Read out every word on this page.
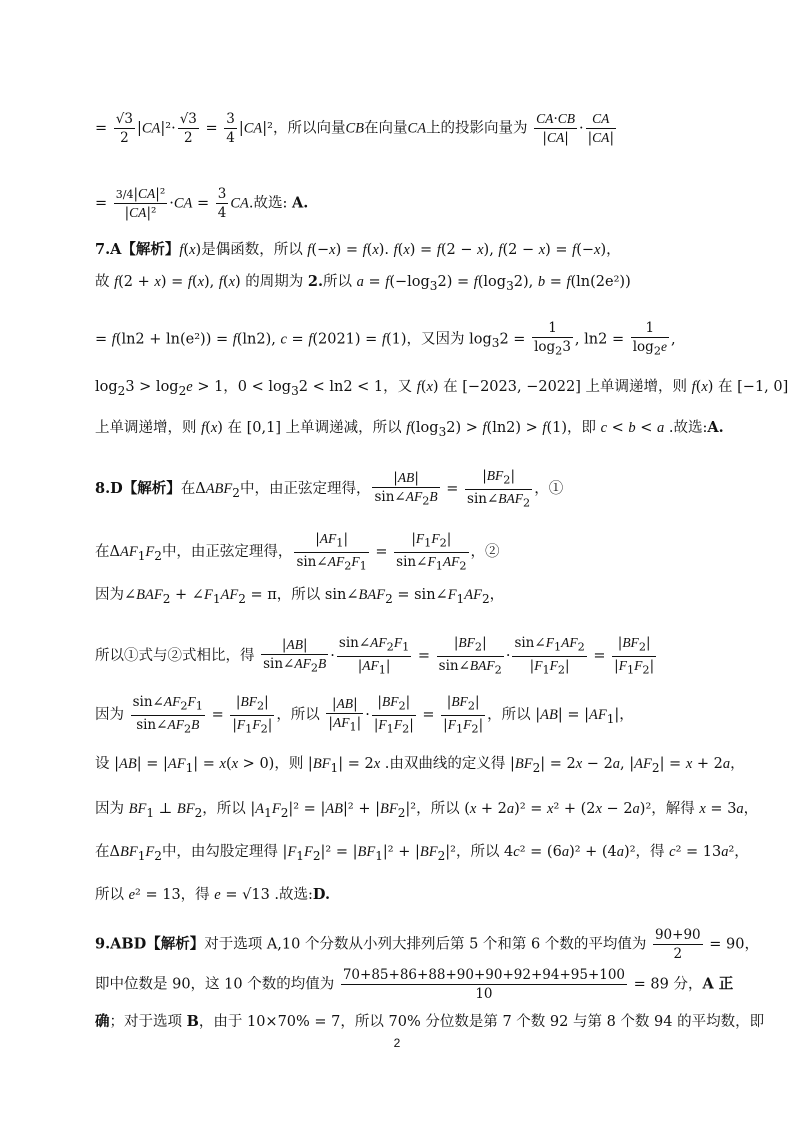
= $\frac{√3}{2} |CA|^2\cdot \frac{√3}{2} = \frac{3}{4} |CA|^2$，所以向量CB在向量CA上的投影向量为 $\frac{CA\cdot CB}{|CA|} \cdot \frac{CA}{|CA|}$
= $\frac{\text{3/4|CA|²}}{\text{|CA|²}} \cdot CA = \frac{3}{4}$ CA.故选: A.
7.A【解析】f(x)是偶函数，所以 f(−x) = f(x). f(x) = f(2 − x), f(2 − x) = f(−x)，
故 f(2 + x) = f(x), f(x) 的周期为 2.所以 $a = f(-\log_32) = f(\log_32)$, b = f(ln(2e²))
= f(ln2 + ln(e²)) = f(ln2), c = f(2021) = f(1)，又因为 $\log_32 = \frac{1}{\log_23}$ , $\ln 2 = \frac{1}{\log_2e}$ ,
$\log_23 > \log_2e > 1$，$0 < \log_32 < \ln 2 < 1$，又 f(x) 在 [−2023, −2022] 上单调递增，则 f(x) 在 [−1, 0]
上单调递增，则 f(x) 在 [0,1] 上单调递减，所以 $f(\log_32) > f(\ln 2) > f(1)$，即 c < b < a .故选:A.
8.D【解析】在$\Delta ABF_2$中，由正弦定理得， $\frac{|AB|}{\sin\angle AF_2B} = \frac{|BF_2|}{\sin\angle BAF_2}$ ，①
在$\Delta AF_1F_2$中，由正弦定理得， $\frac{|AF_1|}{\sin\angle AF_2F_1} = \frac{|F_1F_2|}{\sin\angle F_1AF_2}$ ，②
因为$\angle BAF_2$ + $\angle F_1AF_2 = \pi$，所以 $\sin\angle BAF_2$ = $\sin\angle F_1AF_2$，
所以①式与②式相比，得 $\frac{|AB|}{\sin\angle AF_2B} \cdot \frac{\sin\angle AF_2F_1}{|AF_1|} = \frac{|BF_2|}{\sin\angle BAF_2} \cdot \frac{\sin\angle F_1AF_2}{|F_1F_2|} = \frac{|BF_2|}{|F_1F_2|}$
因为 $\frac{\sin\angle AF_2F_1}{\sin\angle AF_2B} = \frac{|BF_2|}{|F_1F_2|}$ ，所以 $\frac{|AB|}{|AF_1|} \cdot \frac{|BF_2|}{|F_1F_2|} = \frac{|BF_2|}{|F_1F_2|}$ ，所以 $|AB| = |AF_1|$，
设 $|AB| = |AF_1| = x(x > 0)$，则 $|BF_1| = 2x$ .由双曲线的定义得 $|BF_2| = 2x - 2a$, $|AF_2| = x + 2a$，
因为 $BF_1$ ⊥ $BF_2$，所以 $|A_1F_2|^2 = |AB|^2 + |BF_2|^2$，所以 (x + 2a)² = x² + (2x − 2a)²，解得 x = 3a，
在$\Delta BF_1F_2$中，由勾股定理得 $|F_1F_2|^2 = |BF_1|^2 + |BF_2|^2$，所以 4c² = (6a)² + (4a)²，得 c² = 13a²，
所以 e² = 13，得 e = √13 .故选:D.
9.ABD【解析】对于选项 A,10 个分数从小列大排列后第 5 个和第 6 个数的平均值为 $\frac{90+90}{2} = 90$，
即中位数是 90，这 10 个数的均值为 $\frac{70+85+86+88+90+90+92+94+95+100}{10} = 89$ 分，A 正
确；对于选项 B，由于 10×70% = 7，所以 70% 分位数是第 7 个数 92 与第 8 个数 94 的平均数，即
2
